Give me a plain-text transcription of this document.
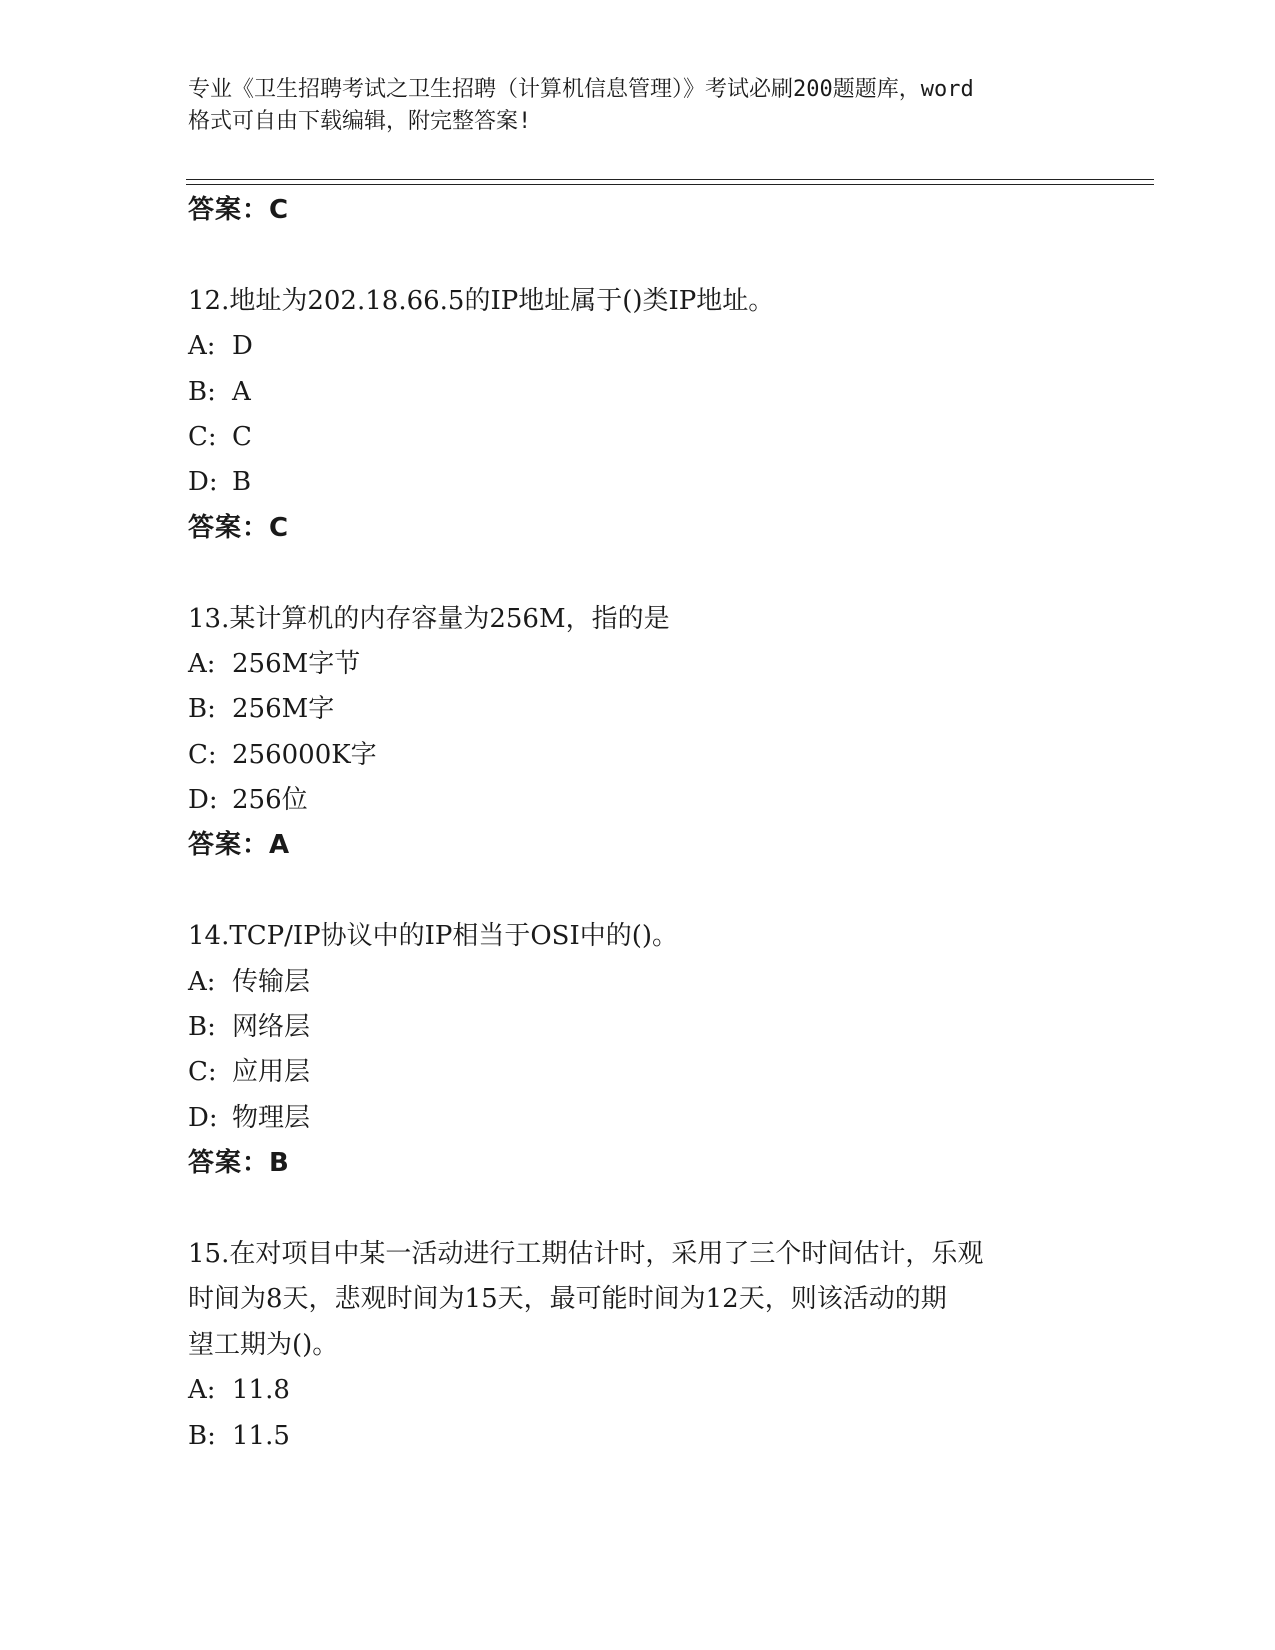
专业《卫生招聘考试之卫生招聘（计算机信息管理）》考试必刷200题题库，word
格式可自由下载编辑，附完整答案!
答案：C
12.地址为202.18.66.5的IP地址属于()类IP地址。
A: D
B: A
C: C
D: B
答案：C
13.某计算机的内存容量为256M，指的是
A: 256M字节
B: 256M字
C: 256000K字
D: 256位
答案：A
14.TCP/IP协议中的IP相当于OSI中的()。
A: 传输层
B: 网络层
C: 应用层
D: 物理层
答案：B
15.在对项目中某一活动进行工期估计时，采用了三个时间估计，乐观
时间为8天，悲观时间为15天，最可能时间为12天，则该活动的期
望工期为()。
A: 11.8
B: 11.5
